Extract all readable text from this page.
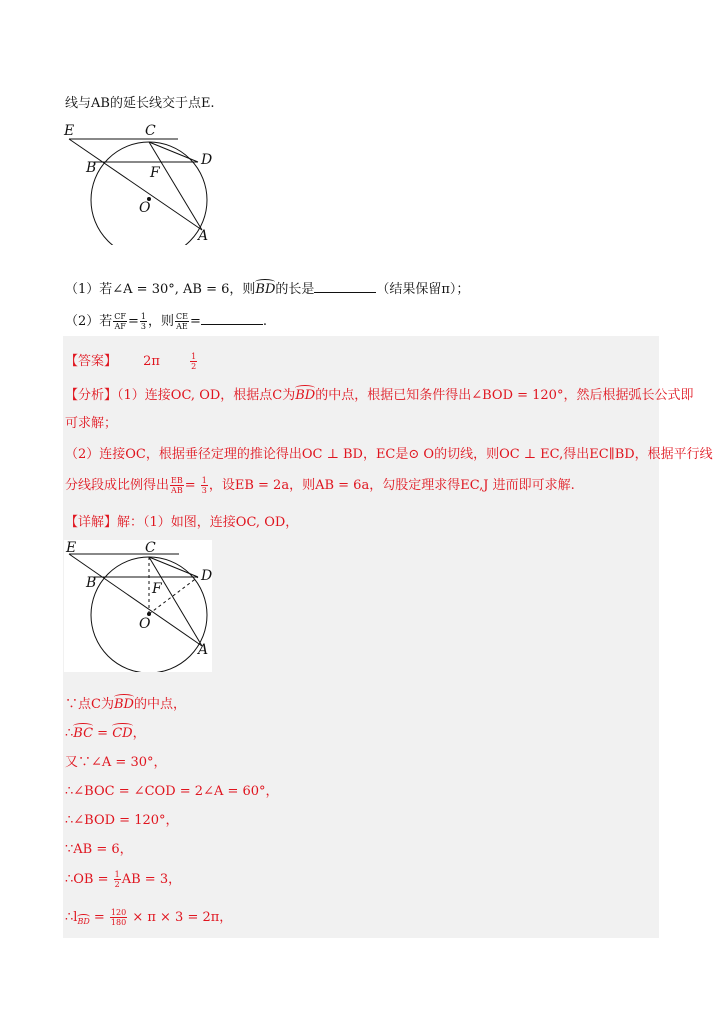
线与AB的延长线交于点E.
E	C
D
B	F
O
A
（1）若∠A = 30°, AB = 6，则BD的长是	（结果保留π）；
（2）若 $\frac{CF}{AF} = \frac{1}{3}$ ，则 $\frac{CE}{AE}$ =	.
【答案】 2π	$\frac{1}{2}$
【分析】（1）连接OC, OD，根据点C为BD的中点，根据已知条件得出∠BOD = 120°，然后根据弧长公式即
可求解；
（2）连接OC，根据垂径定理的推论得出OC ⊥ BD，EC是⊙ O的切线，则OC ⊥ EC,得出EC∥BD，根据平行线
分线段成比例得出 $\frac{EB}{AB} = \frac{1}{3}$ ，设EB = 2a，则AB = 6a，勾股定理求得EC,J 进而即可求解.
【详解】解：（1）如图，连接OC, OD，
E	C
D
B	F
O
A
∵点C为BD的中点，
∴BC = CD，
又∵∠A = 30°，
∴∠BOC = ∠COD = 2∠A = 60°，
∴∠BOD = 120°，
∵AB = 6，
∴OB = $\frac{1}{2}$ AB = 3，
∴lBD = $\frac{120}{180} \times \pi \times 3 = 2\pi$，
